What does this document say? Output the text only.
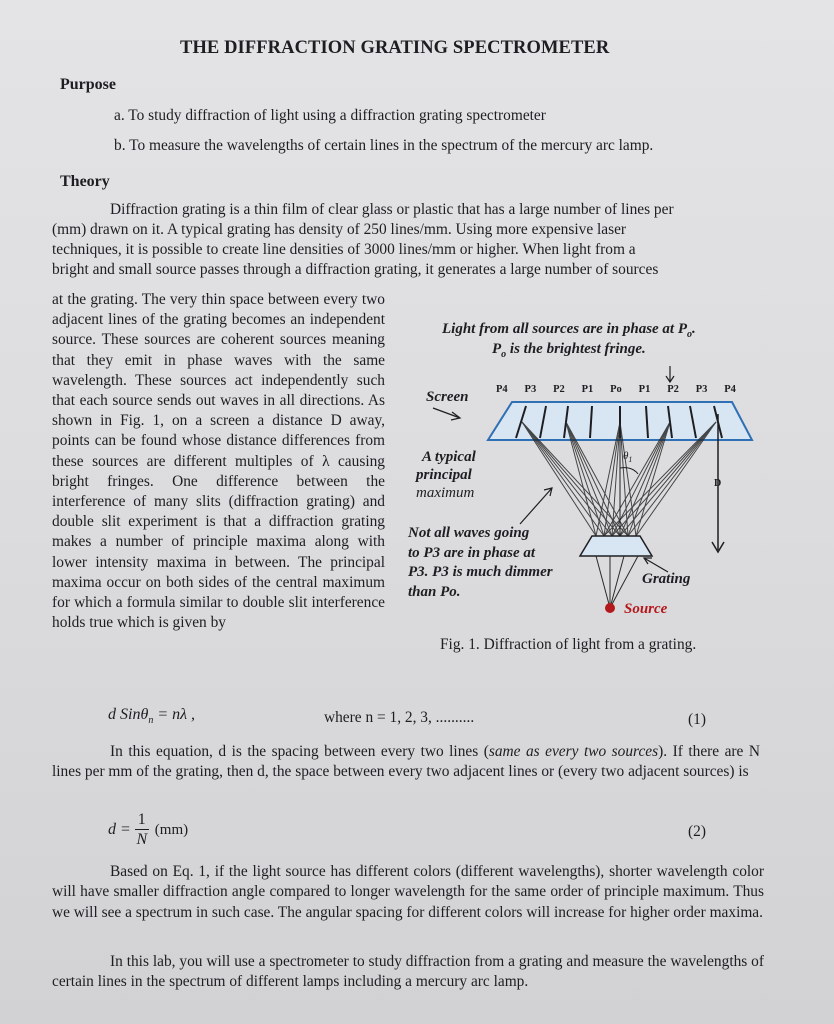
THE DIFFRACTION GRATING SPECTROMETER
Purpose
a. To study diffraction of light using a diffraction grating spectrometer
b. To measure the wavelengths of certain lines in the spectrum of the mercury arc lamp.
Theory
Diffraction grating is a thin film of clear glass or plastic that has a large number of lines per
(mm) drawn on it. A typical grating has density of 250 lines/mm. Using more expensive laser
techniques, it is possible to create line densities of 3000 lines/mm or higher. When light from a
bright and small source passes through a diffraction grating, it generates a large number of sources
at the grating. The very thin space between every two adjacent lines of the grating becomes an independent source. These sources are coherent sources meaning that they emit in phase waves with the same wavelength. These sources act independently such that each source sends out waves in all directions. As shown in Fig. 1, on a screen a distance D away, points can be found whose distance differences from these sources are different multiples of λ causing bright fringes. One difference between the interference of many slits (diffraction grating) and double slit experiment is that a diffraction grating makes a number of principle maxima along with lower intensity maxima in between. The principal maxima occur on both sides of the central maximum for which a formula similar to double slit interference holds true which is given by
Light from all sources are in phase at $P_o$.
$P_o$ is the brightest fringe.
Screen	P4 P3 P2 P1 Po P1 P2 P3 P4
$\theta_1$
D
A typical
principal
maximum
Not all waves going
to P3 are in phase at
P3. P3 is much dimmer
than Po.
Grating
Source
Fig. 1. Diffraction of light from a grating.
d Sinθ$_n$ = nλ ,	where n = 1, 2, 3, ..........	(1)
In this equation, d is the spacing between every two lines (same as every two sources). If there are N lines per mm of the grating, then d, the space between every two adjacent lines or (every two adjacent sources) is
$d = \frac{1}{N} (mm)$	(2)
Based on Eq. 1, if the light source has different colors (different wavelengths), shorter wavelength color will have smaller diffraction angle compared to longer wavelength for the same order of principle maximum. Thus we will see a spectrum in such case. The angular spacing for different colors will increase for higher order maxima.
In this lab, you will use a spectrometer to study diffraction from a grating and measure the wavelengths of certain lines in the spectrum of different lamps including a mercury arc lamp.
